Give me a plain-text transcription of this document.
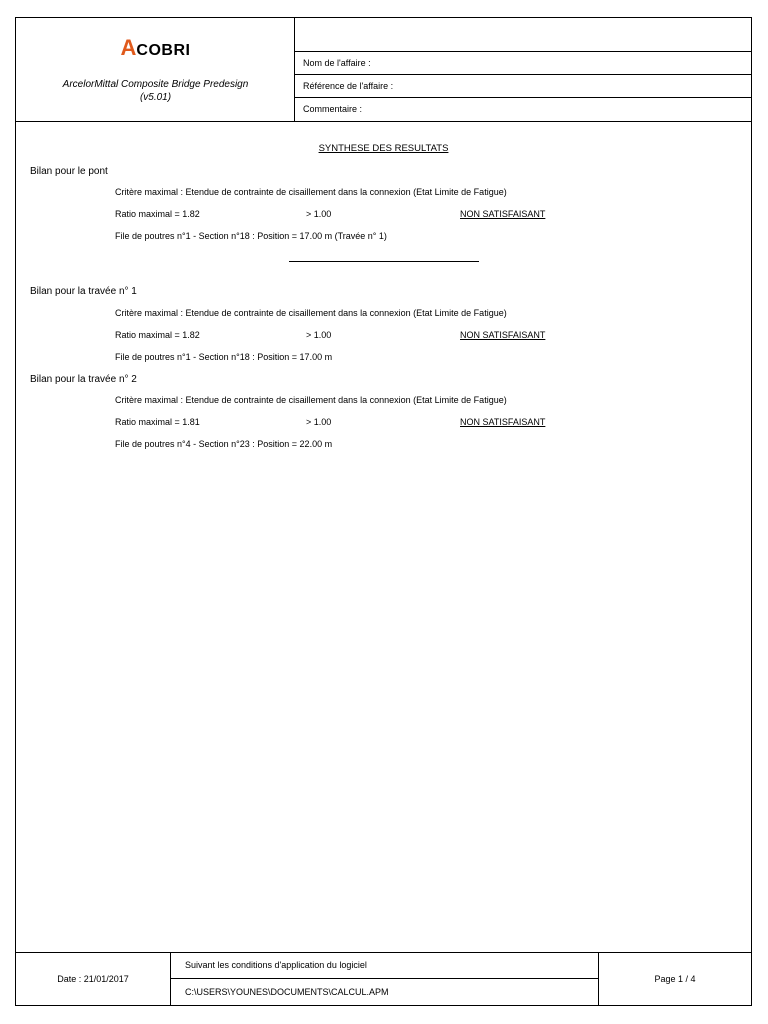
ACOBRI
ArcelorMittal Composite Bridge Predesign
(v5.01)
Nom de l'affaire :
Référence de l'affaire :
Commentaire :
SYNTHESE DES RESULTATS
Bilan pour le pont
Critère maximal : Etendue de contrainte de cisaillement dans la connexion (Etat Limite de Fatigue)
Ratio maximal = 1.82	> 1.00	NON SATISFAISANT
File de poutres n°1 - Section n°18 : Position = 17.00 m (Travée n° 1)
Bilan pour la travée n° 1
Critère maximal : Etendue de contrainte de cisaillement dans la connexion (Etat Limite de Fatigue)
Ratio maximal = 1.82	> 1.00	NON SATISFAISANT
File de poutres n°1 - Section n°18 : Position = 17.00 m
Bilan pour la travée n° 2
Critère maximal : Etendue de contrainte de cisaillement dans la connexion (Etat Limite de Fatigue)
Ratio maximal = 1.81	> 1.00	NON SATISFAISANT
File de poutres n°4 - Section n°23 : Position = 22.00 m
Date : 21/01/2017
Suivant les conditions d'application du logiciel
C:\USERS\YOUNES\DOCUMENTS\CALCUL.APM
Page 1 / 4
